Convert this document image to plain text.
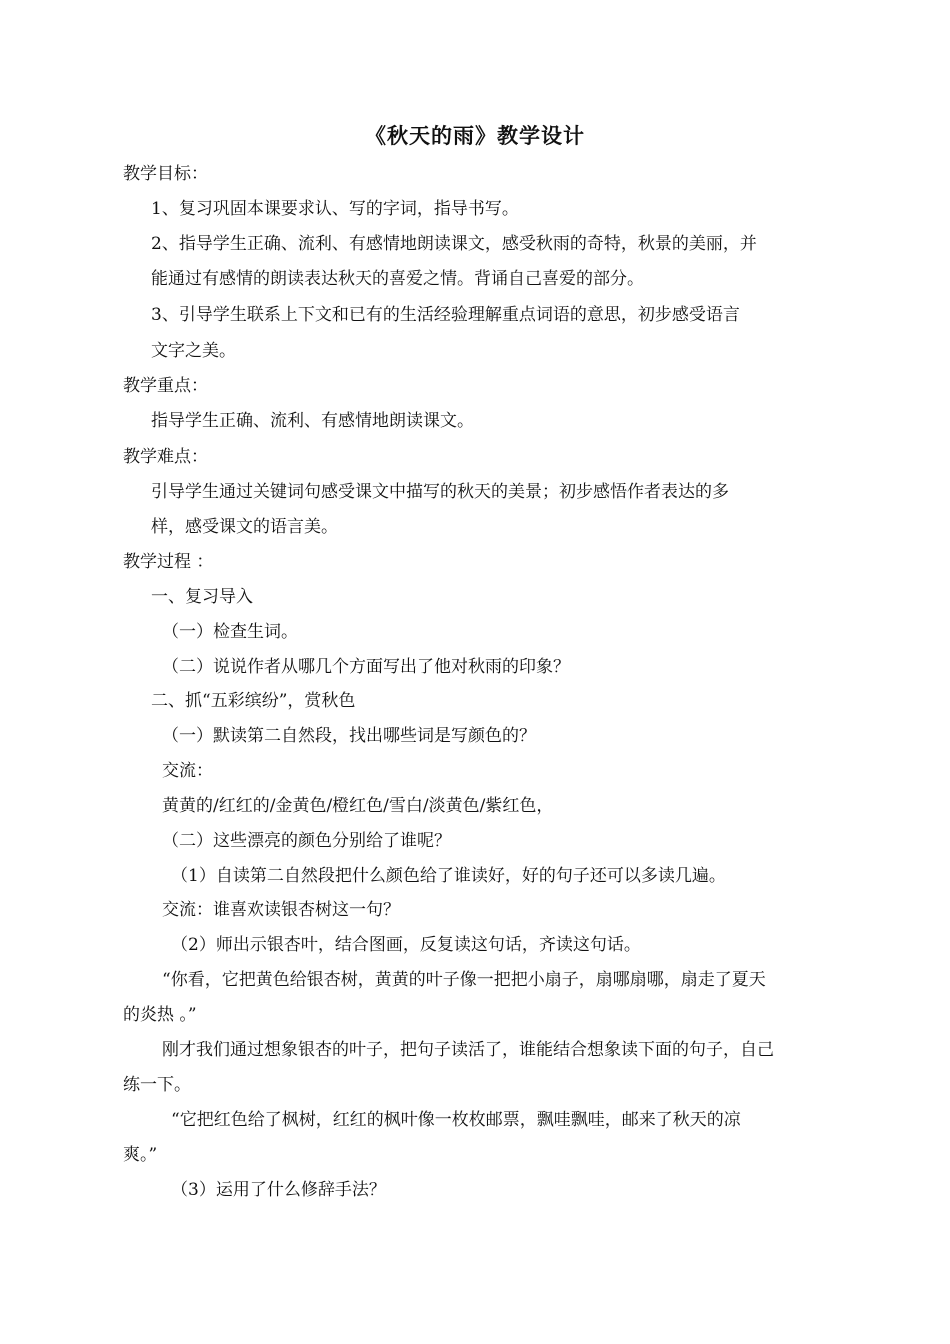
《秋天的雨》教学设计
教学目标：
1、复习巩固本课要求认、写的字词，指导书写。
2、指导学生正确、流利、有感情地朗读课文，感受秋雨的奇特，秋景的美丽，并
能通过有感情的朗读表达秋天的喜爱之情。背诵自己喜爱的部分。
3、引导学生联系上下文和已有的生活经验理解重点词语的意思，初步感受语言
文字之美。
教学重点：
指导学生正确、流利、有感情地朗读课文。
教学难点：
引导学生通过关键词句感受课文中描写的秋天的美景；初步感悟作者表达的多
样，感受课文的语言美。
教学过程 ：
一、复习导入
（一）检查生词。
（二）说说作者从哪几个方面写出了他对秋雨的印象？
二、抓“五彩缤纷”，赏秋色
（一）默读第二自然段，找出哪些词是写颜色的？
交流：
黄黄的/红红的/金黄色/橙红色/雪白/淡黄色/紫红色，
（二）这些漂亮的颜色分别给了谁呢？
（1）自读第二自然段把什么颜色给了谁读好，好的句子还可以多读几遍。
交流：谁喜欢读银杏树这一句？
（2）师出示银杏叶，结合图画，反复读这句话，齐读这句话。
“你看，它把黄色给银杏树，黄黄的叶子像一把把小扇子，扇哪扇哪，扇走了夏天
的炎热 。”
刚才我们通过想象银杏的叶子，把句子读活了，谁能结合想象读下面的句子，自己
练一下。
“它把红色给了枫树，红红的枫叶像一枚枚邮票，飘哇飘哇，邮来了秋天的凉
爽。”
（3）运用了什么修辞手法？
